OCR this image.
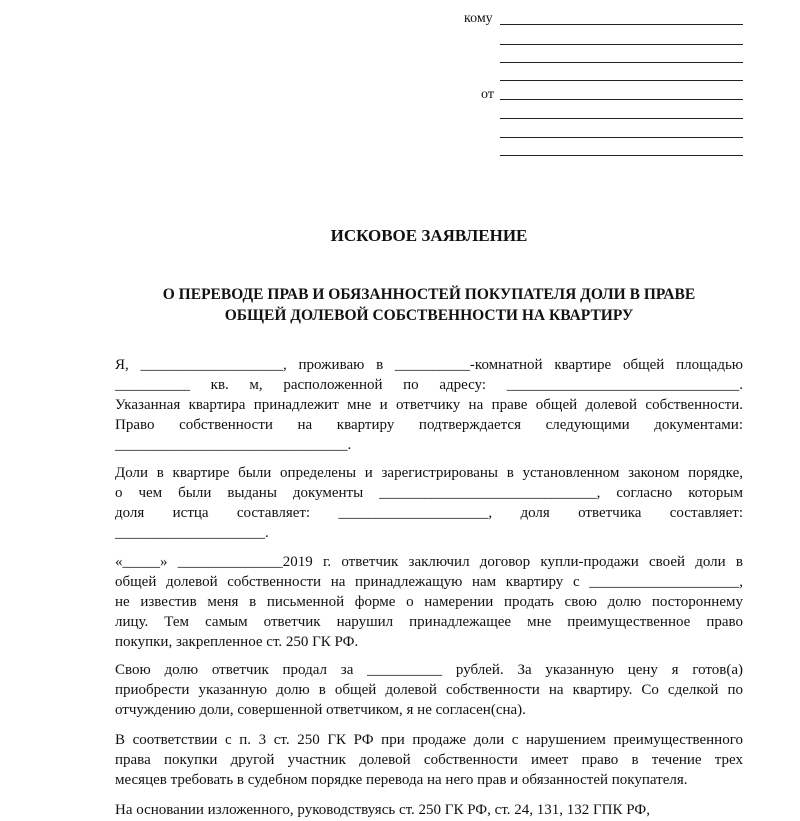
кому
от
ИСКОВОЕ ЗАЯВЛЕНИЕ
О ПЕРЕВОДЕ ПРАВ И ОБЯЗАННОСТЕЙ ПОКУПАТЕЛЯ ДОЛИ В ПРАВЕ
ОБЩЕЙ ДОЛЕВОЙ СОБСТВЕННОСТИ НА КВАРТИРУ
Я, ___________________, проживаю в __________-комнатной квартире общей площадью
__________ кв. м, расположенной по адресу: _______________________________.
Указанная квартира принадлежит мне и ответчику на праве общей долевой собственности.
Право собственности на квартиру подтверждается следующими документами:
_______________________________.
Доли в квартире были определены и зарегистрированы в установленном законом порядке,
о чем были выданы документы _____________________________, согласно которым
доля истца составляет: ____________________, доля ответчика составляет:
____________________.
«_____» ______________2019 г. ответчик заключил договор купли-продажи своей доли в
общей долевой собственности на принадлежащую нам квартиру с ____________________,
не известив меня в письменной форме о намерении продать свою долю постороннему
лицу. Тем самым ответчик нарушил принадлежащее мне преимущественное право
покупки, закрепленное ст. 250 ГК РФ.
Свою долю ответчик продал за __________ рублей. За указанную цену я готов(а)
приобрести указанную долю в общей долевой собственности на квартиру. Со сделкой по
отчуждению доли, совершенной ответчиком, я не согласен(сна).
В соответствии с п. 3 ст. 250 ГК РФ при продаже доли с нарушением преимущественного
права покупки другой участник долевой собственности имеет право в течение трех
месяцев требовать в судебном порядке перевода на него прав и обязанностей покупателя.
На основании изложенного, руководствуясь ст. 250 ГК РФ, ст. 24, 131, 132 ГПК РФ,
